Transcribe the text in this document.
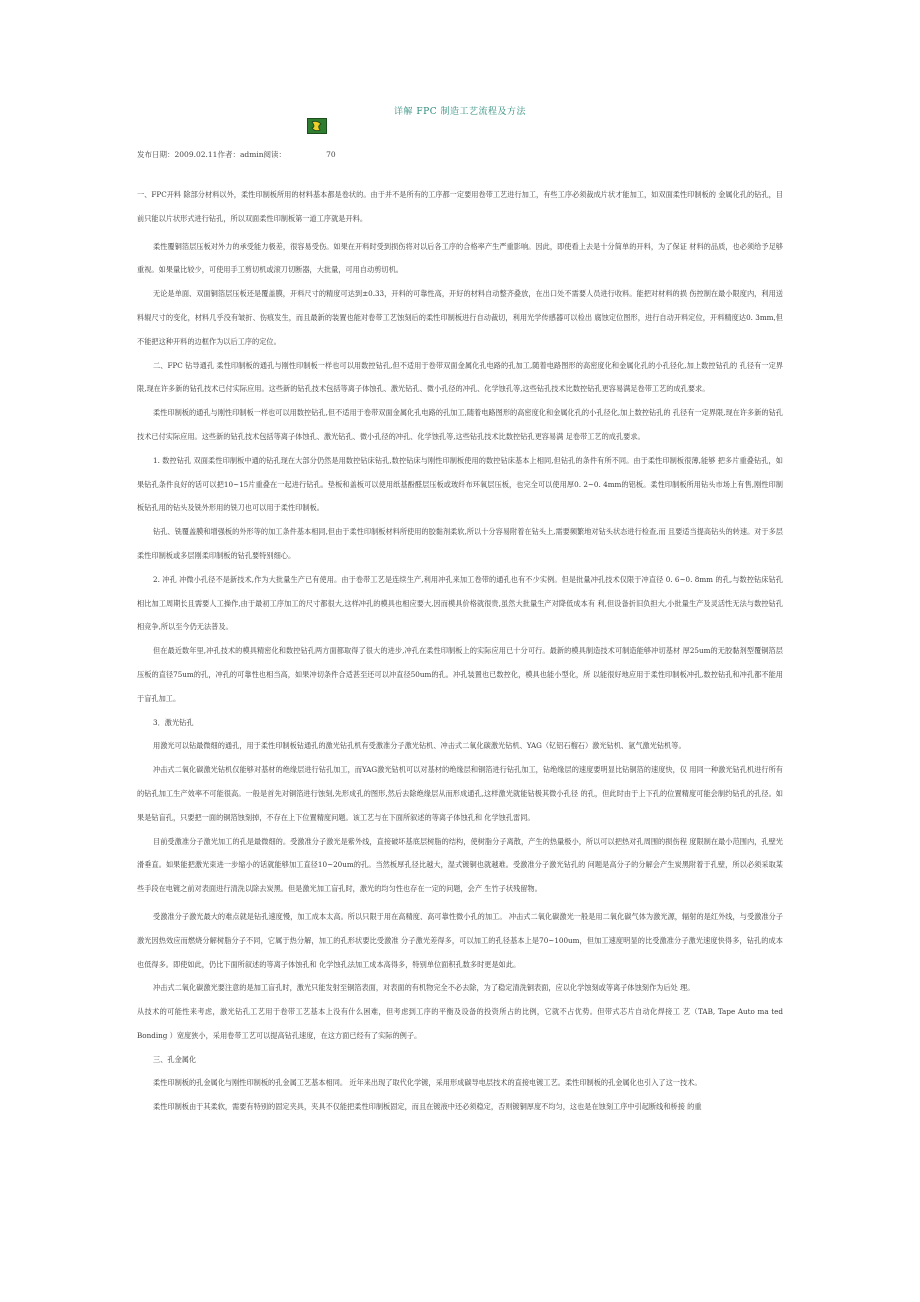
详解 FPC 制造工艺流程及方法
发布日期：2009.02.11作者：admin阅读：	70

一、FPC开料 除部分材料以外，柔性印制板所用的材料基本都是卷状的。由于并不是所有的工序都一定要用卷带工艺进行加工，有些工序必须裁成片状才能加工，如双面柔性印制板的 金属化孔的钻孔，目前只能以片状形式进行钻孔，所以双面柔性印制板第一道工序就是开料。

柔性覆铜箔层压板对外力的承受能力极差，很容易受伤。如果在开料时受到损伤将对以后各工序的合格率产生严重影响。因此，即使看上去是十分简单的开料，为了保证 材料的品质，也必须给予足够重视。如果量比较少，可使用手工剪切机或滚刀切断器，大批量，可用自动剪切机。

无论是单面、双面铜箔层压板还是覆盖膜，开料尺寸的精度可达到±0.33，开料的可靠性高，开好的材料自动整齐叠放，在出口处不需要人员进行收料。能把对材料的损 伤控制在最小限度内，利用送料辊尺寸的变化，材料几乎没有皱折、伤痕发生，而且最新的装置也能对卷带工艺蚀刻后的柔性印制板进行自动裁切，利用光学传感器可以检出 腐蚀定位图形，进行自动开料定位，开料精度达0. 3mm,但不能把这种开料的边框作为以后工序的定位。

二、FPC 钻导通孔 柔性印制板的通孔与刚性印制板一样也可以用数控钻孔,但不适用于卷带双面金属化孔电路的孔加工,随着电路图形的高密度化和金属化孔的小孔径化,加上数控钻孔的 孔径有一定界限,现在许多新的钻孔技术已付实际应用。这些新的钻孔技术包括等离子体蚀孔、激光钻孔、微小孔径的冲孔、化学蚀孔等,这些钻孔技术比数控钻孔更容易满足卷带工艺的成孔要求。

柔性印制板的通孔与刚性印制板一样也可以用数控钻孔,但不适用于卷带双面金属化孔电路的孔加工,随着电路图形的高密度化和金属化孔的小孔径化,加上数控钻孔的 孔径有一定界限,现在许多新的钻孔技术已付实际应用。这些新的钻孔技术包括等离子体蚀孔、激光钻孔、微小孔径的冲孔、化学蚀孔等,这些钻孔技术比数控钻孔更容易满 足卷带工艺的成孔要求。

1. 数控钻孔 双面柔性印制板中通的钻孔现在大部分仍然是用数控钻床钻孔,数控钻床与刚性印制板使用的数控钻床基本上相同,但钻孔的条件有所不同。由于柔性印制板很薄,能够 把多片重叠钻孔，如果钻孔条件良好的话可以把10~15片重叠在一起进行钻孔。垫板和盖板可以使用纸基酚醛层压板或玻纤布环氧层压板，也完全可以使用厚0. 2~0. 4mm的铝板。柔性印制板所用钻头市场上有售,刚性印制板钻孔用的钻头及铣外形用的铣刀也可以用于柔性印制板。

钻孔、铣覆盖膜和增强板的外形等的加工条件基本相同,但由于柔性印制板材料所使用的胶黏剂柔软,所以十分容易附着在钻头上,需要频繁地对钻头状态进行检查,而 且要适当提高钻头的转速。对于多层柔性印制板或多层刚柔印制板的钻孔要特别细心。

2. 冲孔 冲微小孔径不是新技术,作为大批量生产已有使用。由于卷带工艺是连续生产,利用冲孔来加工卷带的通孔也有不少实例。但是批量冲孔技术仅限于冲直径 0. 6~0. 8mm 的孔,与数控钻床钻孔相比加工周期长且需要人工操作,由于最初工序加工的尺寸都很大,这样冲孔的模具也相应要大,因而模具价格就很贵,虽然大批量生产对降低成本有 利,但设备折旧负担大,小批量生产及灵活性无法与数控钻孔相竞争,所以至今仍无法普及。

但在最近数年里,冲孔技术的模具精密化和数控钻孔两方面都取得了很大的进步,冲孔在柔性印制板上的实际应用已十分可行。最新的模具制造技术可制造能够冲切基材 厚25um的无胶黏剂型覆铜箔层压板的直径75um的孔，冲孔的可靠性也相当高，如果冲切条件合适甚至还可以冲直径50um的孔。冲孔装置也已数控化，模具也能小型化，所 以能很好地应用于柔性印制板冲孔,数控钻孔和冲孔都不能用于盲孔加工。

3．激光钻孔

用激光可以钻最微细的通孔，用于柔性印制板钻通孔的激光钻孔机有受激准分子激光钻机、冲击式二氧化碳激光钻机、YAG（钇铝石榴石）激光钻机、氩气激光钻机等。

冲击式二氧化碳激光钻机仅能够对基材的绝缘层进行钻孔加工，而YAG激光钻机可以对基材的绝缘层和铜箔进行钻孔加工，钻绝缘层的速度要明显比钻铜箔的速度快，仅 用同一种激光钻孔机进行所有的钻孔加工生产效率不可能很高。一般是首先对铜箔进行蚀刻,先形成孔的图形,然后去除绝缘层从而形成通孔,这样激光就能钻极其微小孔径 的孔，但此时由于上下孔的位置精度可能会制约钻孔的孔径。如果是钻盲孔，只要把一面的铜箔蚀刻掉，不存在上下位置精度问题。该工艺与在下面所叙述的等离子体蚀孔和 化学蚀孔雷同。

目前受激准分子激光加工的孔是最微细的。受激准分子激光是紫外线，直接破坏基底层树脂的结构，使树脂分子离散，产生的热量极小，所以可以把热对孔周围的损伤程 度限制在最小范围内，孔壁光滑垂直。如果能把激光束进一步缩小的话就能够加工直径10~20um的孔。当然板厚孔径比越大，湿式镀铜也就越难。受激准分子激光钻孔的 问题是高分子的分解会产生炭黑附着于孔壁，所以必须采取某些手段在电镀之前对表面进行清洗以除去炭黑。但是激光加工盲孔时，激光的均匀性也存在一定的问题，会产 生竹子状残留物。

受激准分子激光最大的难点就是钻孔速度慢，加工成本太高。所以只限于用在高精度、高可靠性微小孔的加工。 冲击式二氧化碳激光一般是用二氧化碳气体为激光源，辐射的是红外线，与受激准分子激光因热效应而燃烧分解树脂分子不同，它属于热分解，加工的孔形状要比受激准 分子激光差得多，可以加工的孔径基本上是70~100um，但加工速度明显的比受激准分子激光速度快得多，钻孔的成本也低得多。即使如此，仍比下面所叙述的等离子体蚀孔和 化学蚀孔法加工成本高得多，特别单位面积孔数多时更是如此。

冲击式二氧化碳激光要注意的是加工盲孔时，激光只能发射至铜箔表面，对表面的有机物完全不必去除，为了稳定清洗铜表面，应以化学蚀刻或等离子体蚀刻作为后处 理。

从技术的可能性来考虑，激光钻孔工艺用于卷带工艺基本上没有什么困难，但考虑到工序的平衡及设备的投资所占的比例，它就不占优势。但带式芯片自动化焊接工 艺（TAB, Tape Auto ma ted Bonding ）宽度狭小，采用卷带工艺可以提高钻孔速度，在这方面已经有了实际的例子。

三、孔金属化

柔性印制板的孔金属化与刚性印制板的孔金属工艺基本相同。 近年来出现了取代化学镀，采用形成碳导电层技术的直接电镀工艺。柔性印制板的孔金属化也引入了这一技术。

柔性印制板由于其柔软，需要有特别的固定夹具，夹具不仅能把柔性印制板固定，而且在镀液中还必须稳定，否则镀铜厚度不均匀，这也是在蚀刻工序中引起断线和桥接 的重
